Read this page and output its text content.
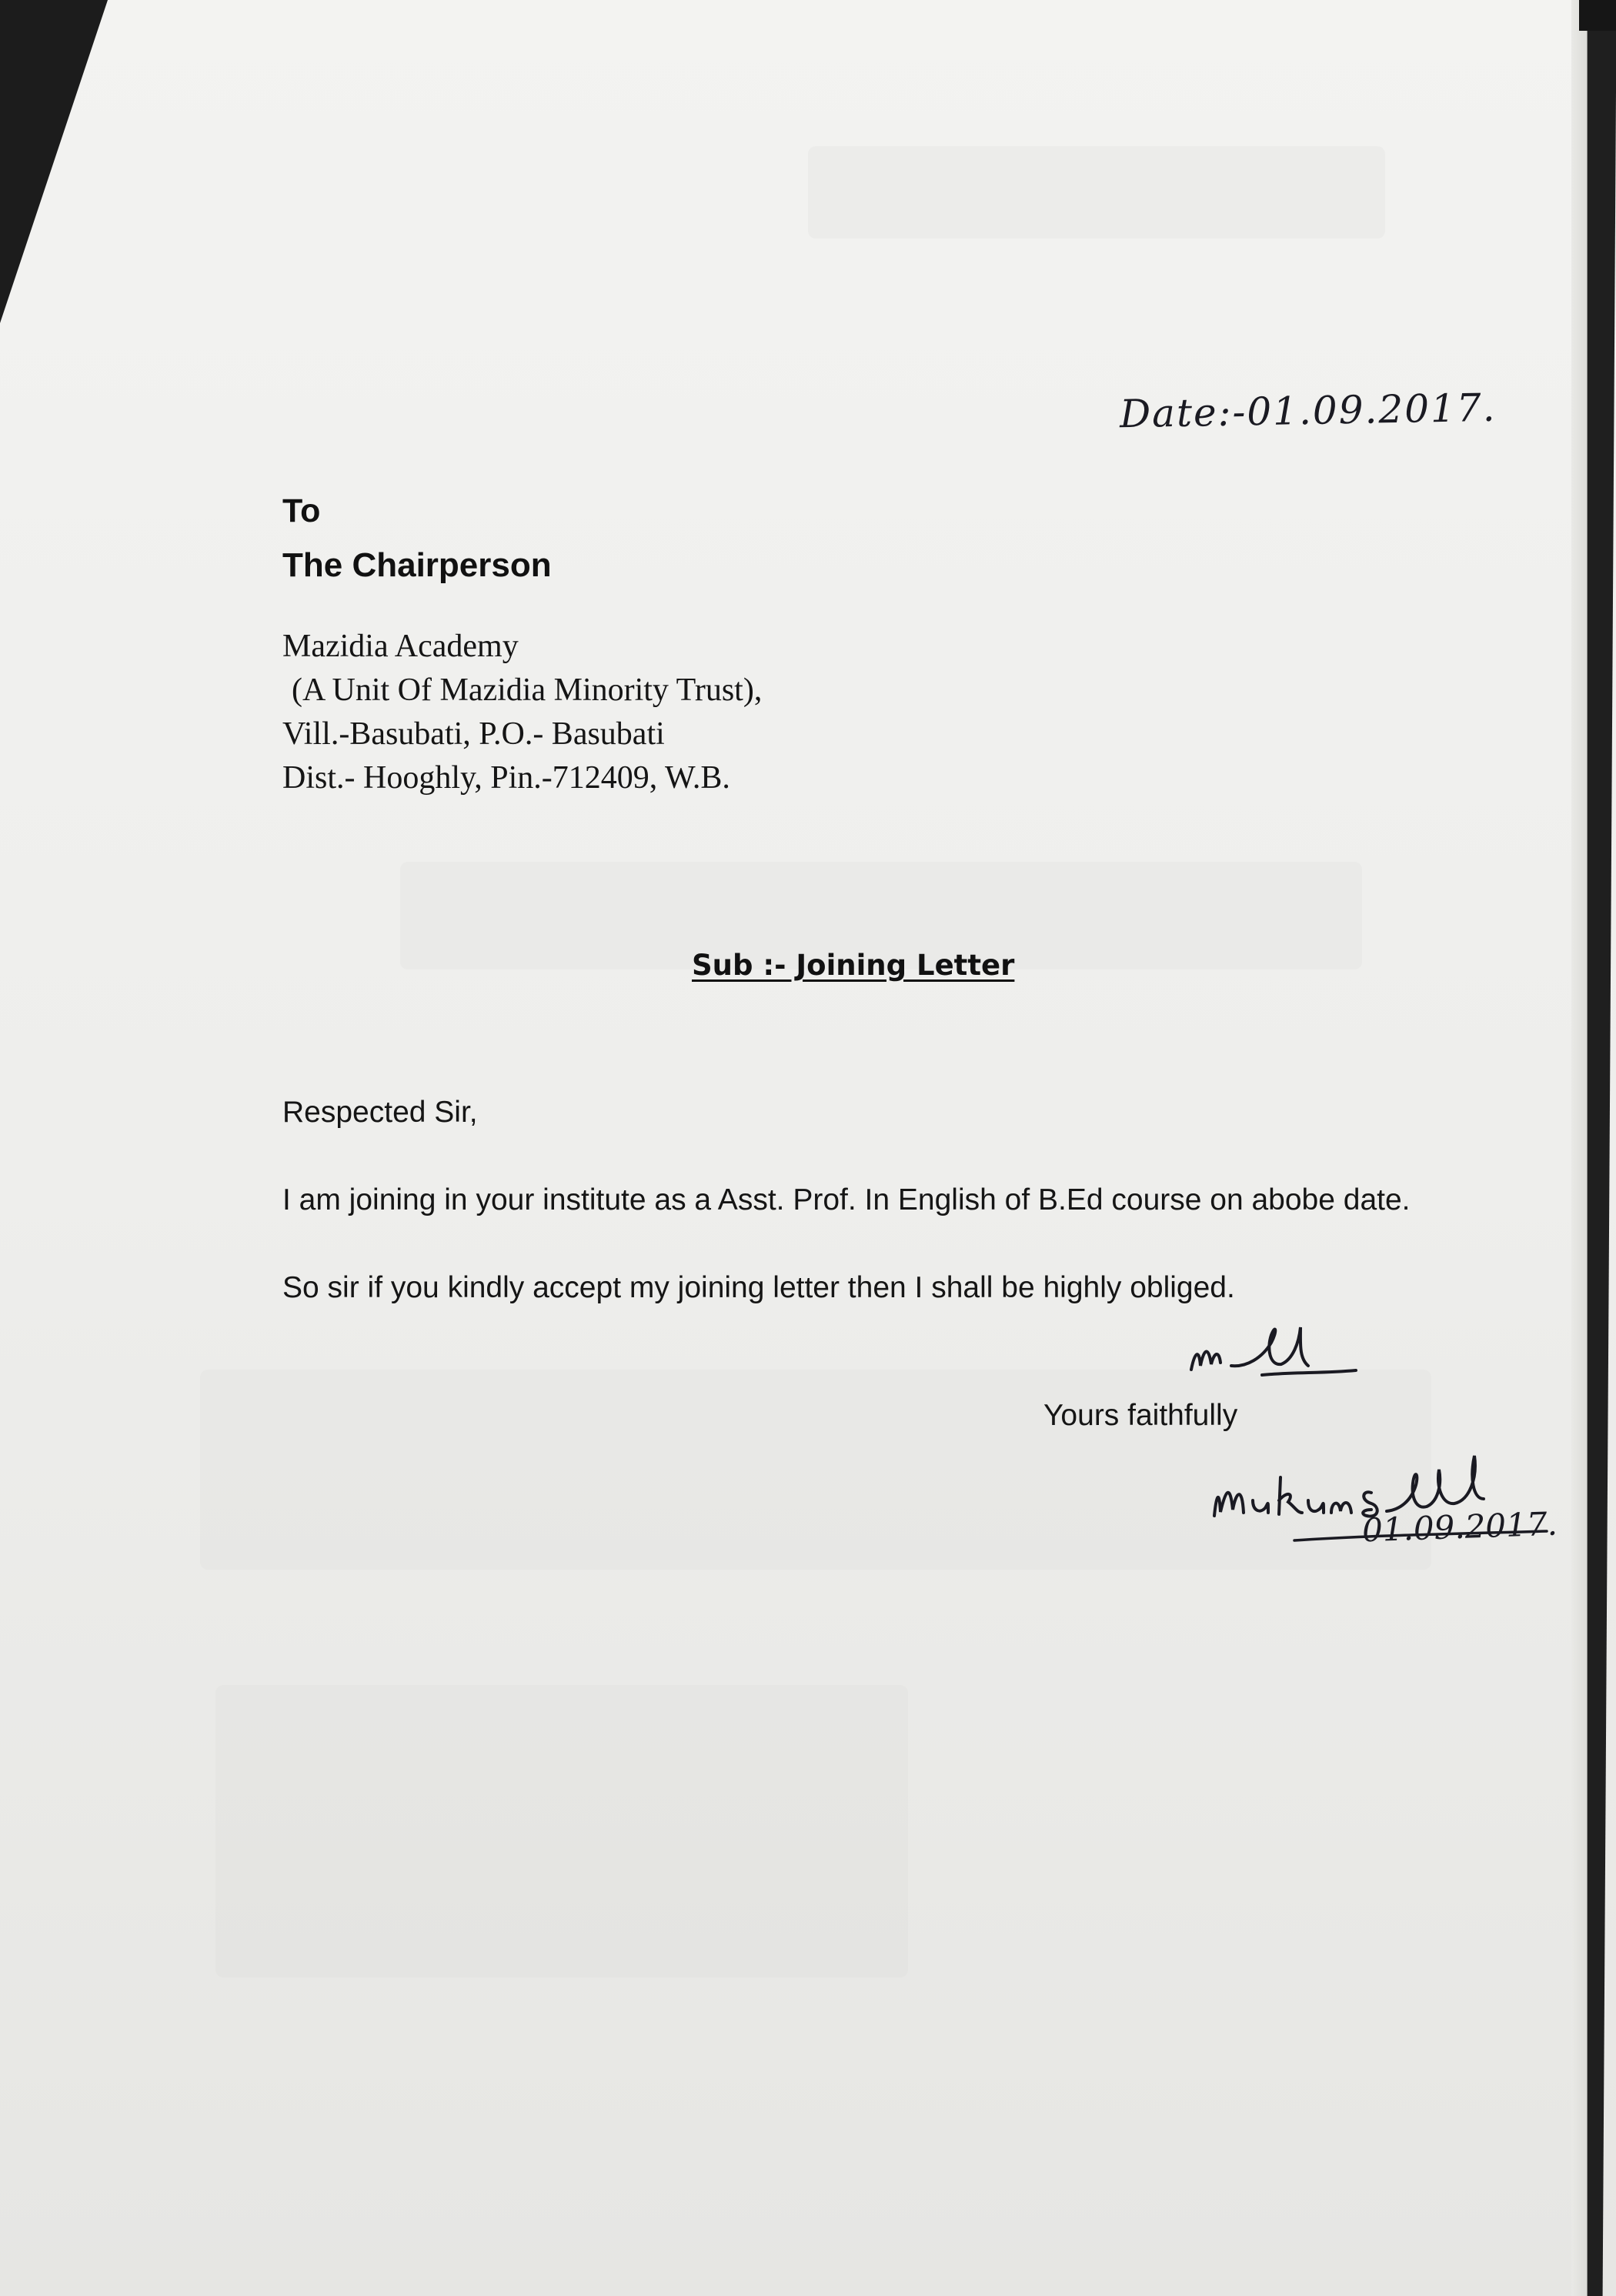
Date:-01.09.2017.
To
The Chairperson
Mazidia Academy
(A Unit Of Mazidia Minority Trust),
Vill.-Basubati, P.O.- Basubati
Dist.- Hooghly, Pin.-712409, W.B.
Sub :- Joining Letter
Respected Sir,
I am joining in your institute as a Asst. Prof. In English of B.Ed course on abobe date.
So sir if you kindly accept my joining letter then I shall be highly obliged.
Yours faithfully
01.09.2017.
